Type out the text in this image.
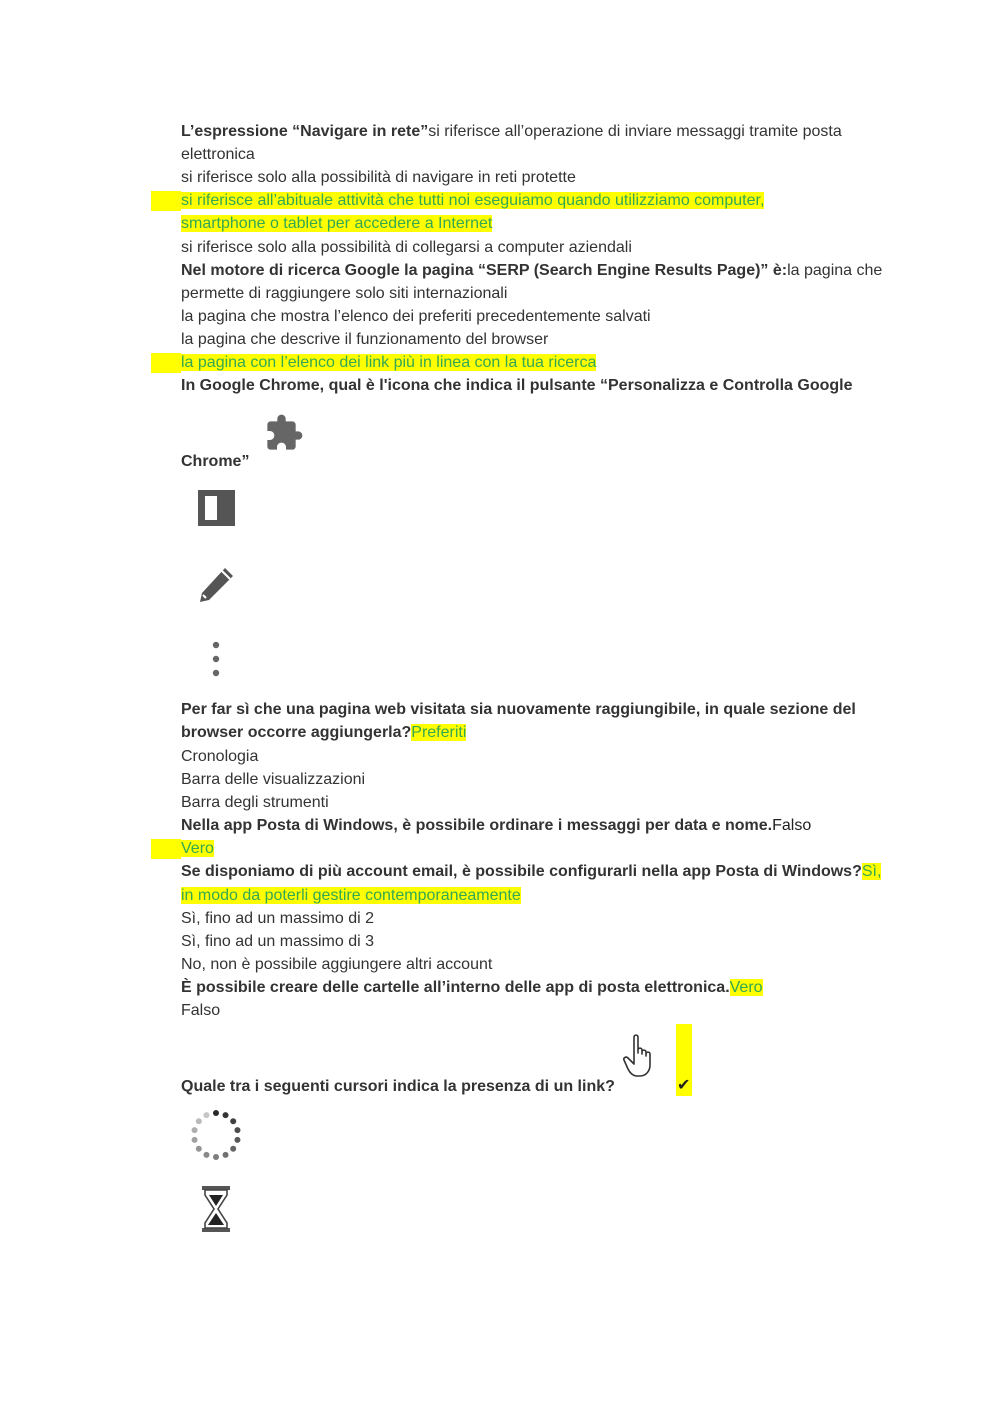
L’espressione “Navigare in rete”si riferisce all’operazione di inviare messaggi tramite posta
elettronica
si riferisce solo alla possibilità di navigare in reti protette
si riferisce all’abituale attività che tutti noi eseguiamo quando utilizziamo computer,
smartphone o tablet per accedere a Internet
si riferisce solo alla possibilità di collegarsi a computer aziendali
Nel motore di ricerca Google la pagina “SERP (Search Engine Results Page)” è:la pagina che
permette di raggiungere solo siti internazionali
la pagina che mostra l’elenco dei preferiti precedentemente salvati
la pagina che descrive il funzionamento del browser
la pagina con l’elenco dei link più in linea con la tua ricerca
In Google Chrome, qual è l'icona che indica il pulsante “Personalizza e Controlla Google
Chrome”
Per far sì che una pagina web visitata sia nuovamente raggiungibile, in quale sezione del
browser occorre aggiungerla?Preferiti
Cronologia
Barra delle visualizzazioni
Barra degli strumenti
Nella app Posta di Windows, è possibile ordinare i messaggi per data e nome.Falso
Vero
Se disponiamo di più account email, è possibile configurarli nella app Posta di Windows?Sì,
in modo da poterli gestire contemporaneamente
Sì, fino ad un massimo di 2
Sì, fino ad un massimo di 3
No, non è possibile aggiungere altri account
È possibile creare delle cartelle all’interno delle app di posta elettronica.Vero
Falso
Quale tra i seguenti cursori indica la presenza di un link?	✔
